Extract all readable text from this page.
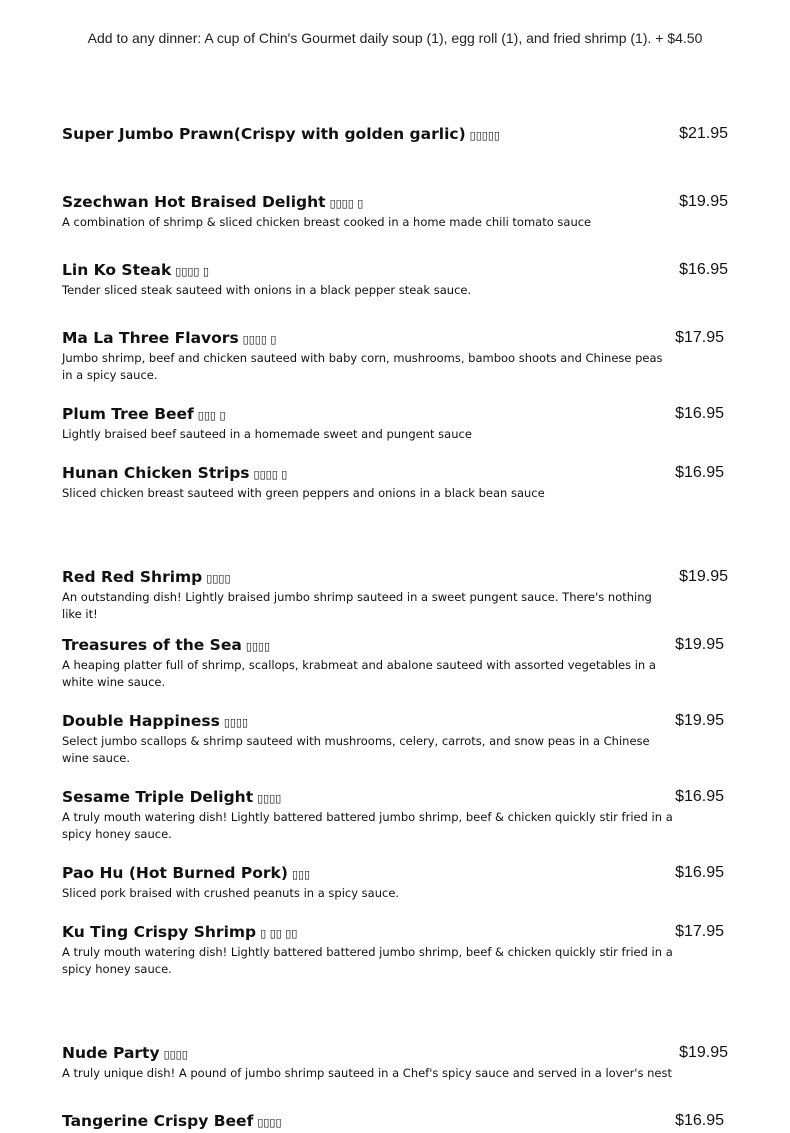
Add to any dinner: A cup of Chin's Gourmet daily soup (1), egg roll (1), and fried shrimp (1). + $4.50
Super Jumbo Prawn(Crispy with golden garlic) ▯▯▯▯▯	$21.95
Szechwan Hot Braised Delight ▯▯▯▯ ▯	$19.95
A combination of shrimp & sliced chicken breast cooked in a home made chili tomato sauce
Lin Ko Steak ▯▯▯▯ ▯	$16.95
Tender sliced steak sauteed with onions in a black pepper steak sauce.
Ma La Three Flavors ▯▯▯▯ ▯	$17.95
Jumbo shrimp, beef and chicken sauteed with baby corn, mushrooms, bamboo shoots and Chinese peas in a spicy sauce.
Plum Tree Beef ▯▯▯ ▯	$16.95
Lightly braised beef sauteed in a homemade sweet and pungent sauce
Hunan Chicken Strips ▯▯▯▯ ▯	$16.95
Sliced chicken breast sauteed with green peppers and onions in a black bean sauce
Red Red Shrimp ▯▯▯▯	$19.95
An outstanding dish! Lightly braised jumbo shrimp sauteed in a sweet pungent sauce. There's nothing like it!
Treasures of the Sea ▯▯▯▯	$19.95
A heaping platter full of shrimp, scallops, krabmeat and abalone sauteed with assorted vegetables in a white wine sauce.
Double Happiness ▯▯▯▯	$19.95
Select jumbo scallops & shrimp sauteed with mushrooms, celery, carrots, and snow peas in a Chinese wine sauce.
Sesame Triple Delight ▯▯▯▯	$16.95
A truly mouth watering dish! Lightly battered battered jumbo shrimp, beef & chicken quickly stir fried in a spicy honey sauce.
Pao Hu (Hot Burned Pork) ▯▯▯	$16.95
Sliced pork braised with crushed peanuts in a spicy sauce.
Ku Ting Crispy Shrimp ▯ ▯▯ ▯▯	$17.95
A truly mouth watering dish! Lightly battered battered jumbo shrimp, beef & chicken quickly stir fried in a spicy honey sauce.
Nude Party ▯▯▯▯	$19.95
A truly unique dish! A pound of jumbo shrimp sauteed in a Chef's spicy sauce and served in a lover's nest
Tangerine Crispy Beef ▯▯▯▯	$16.95
